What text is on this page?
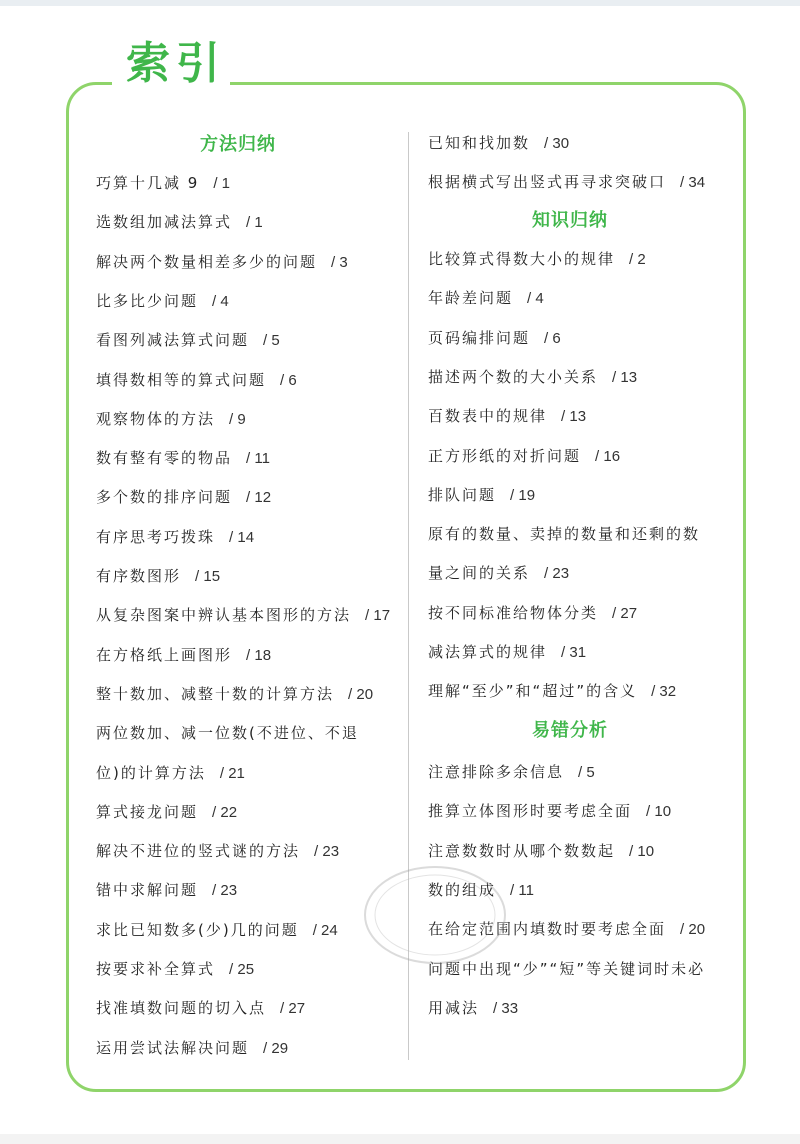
索引
方法归纳
巧算十几减 9 / 1
选数组加减法算式 / 1
解决两个数量相差多少的问题 / 3
比多比少问题 / 4
看图列减法算式问题 / 5
填得数相等的算式问题 / 6
观察物体的方法 / 9
数有整有零的物品 / 11
多个数的排序问题 / 12
有序思考巧拨珠 / 14
有序数图形 / 15
从复杂图案中辨认基本图形的方法 / 17
在方格纸上画图形 / 18
整十数加、减整十数的计算方法 / 20
两位数加、减一位数(不进位、不退
位)的计算方法 / 21
算式接龙问题 / 22
解决不进位的竖式谜的方法 / 23
错中求解问题 / 23
求比已知数多(少)几的问题 / 24
按要求补全算式 / 25
找准填数问题的切入点 / 27
运用尝试法解决问题 / 29
已知和找加数 / 30
根据横式写出竖式再寻求突破口 / 34
知识归纳
比较算式得数大小的规律 / 2
年龄差问题 / 4
页码编排问题 / 6
描述两个数的大小关系 / 13
百数表中的规律 / 13
正方形纸的对折问题 / 16
排队问题 / 19
原有的数量、卖掉的数量和还剩的数
量之间的关系 / 23
按不同标准给物体分类 / 27
减法算式的规律 / 31
理解“至少”和“超过”的含义 / 32
易错分析
注意排除多余信息 / 5
推算立体图形时要考虑全面 / 10
注意数数时从哪个数数起 / 10
数的组成 / 11
在给定范围内填数时要考虑全面 / 20
问题中出现“少”“短”等关键词时未必
用减法 / 33
